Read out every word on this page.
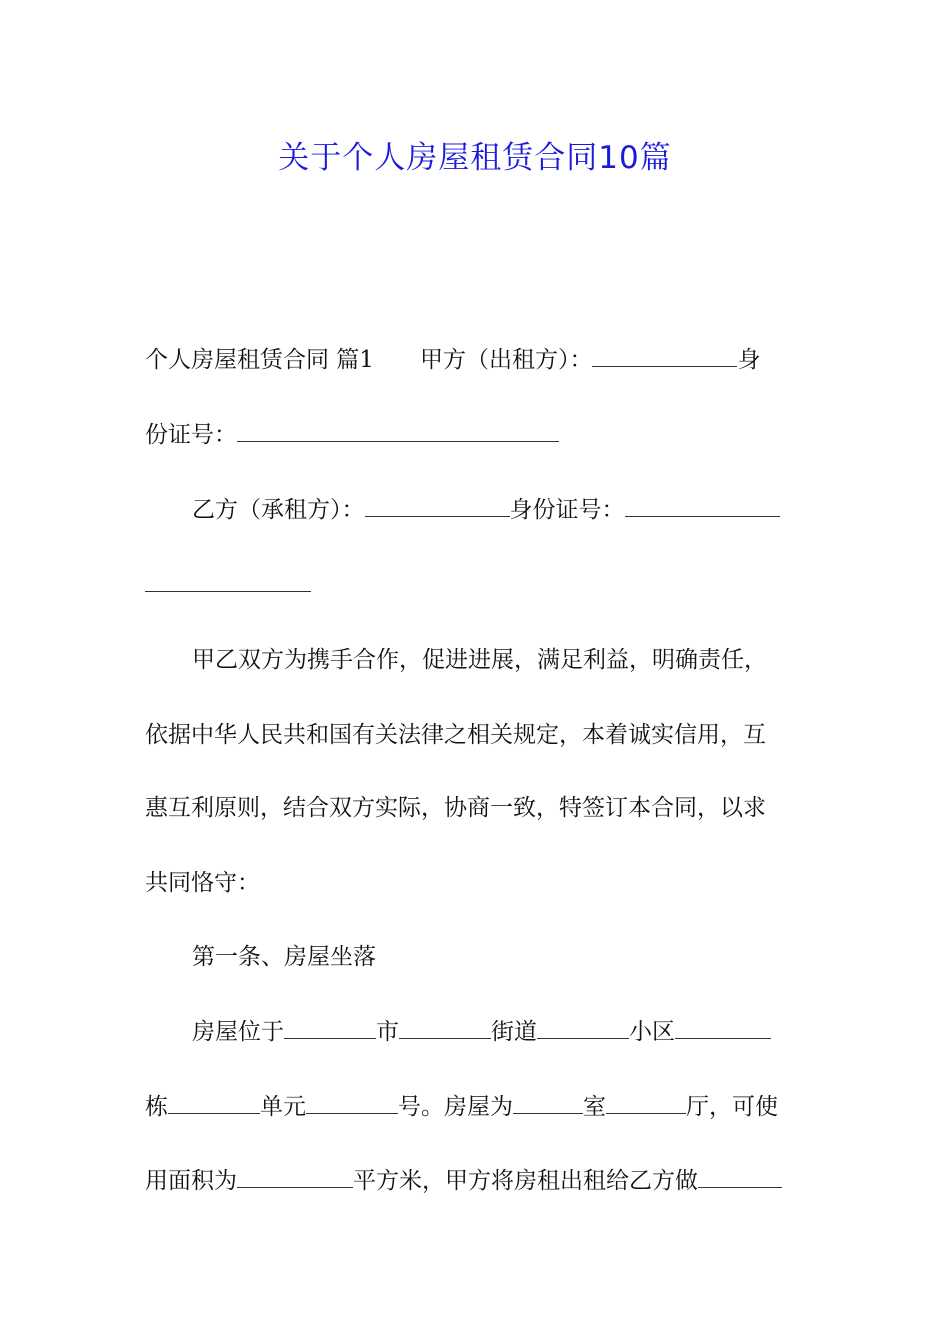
关于个人房屋租赁合同10篇
个人房屋租赁合同 篇1 甲方（出租方）：	身
份证号：
乙方（承租方）：	身份证号：
甲乙双方为携手合作，促进进展，满足利益，明确责任，
依据中华人民共和国有关法律之相关规定，本着诚实信用，互
惠互利原则，结合双方实际，协商一致，特签订本合同，以求
共同恪守：
第一条、房屋坐落
房屋位于	市	街道	小区
栋	单元	号。房屋为	室	厅，可使
用面积为	平方米，甲方将房租出租给乙方做
